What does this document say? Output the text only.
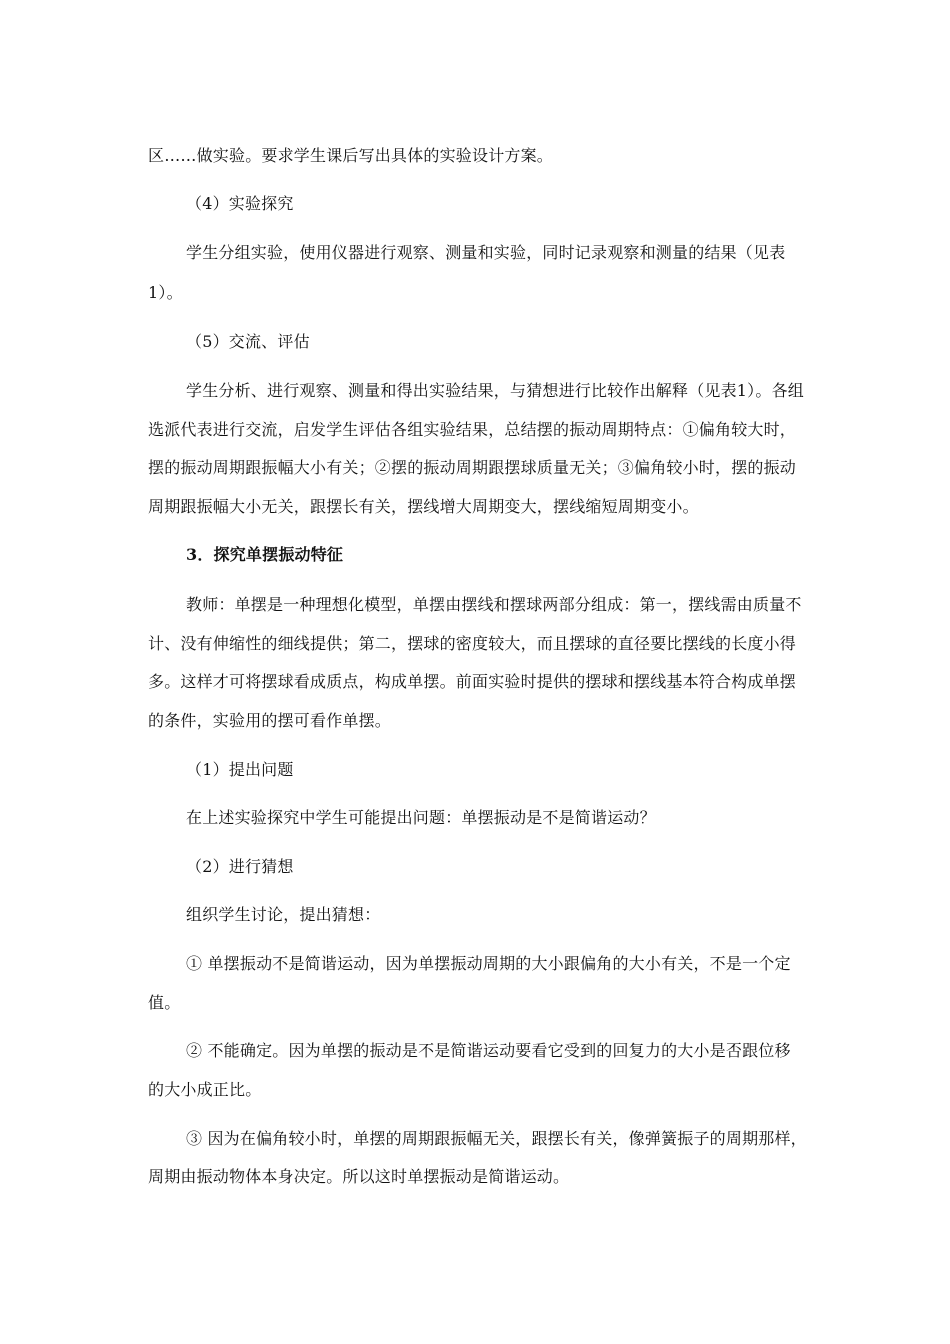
区……做实验。要求学生课后写出具体的实验设计方案。
（4）实验探究
学生分组实验，使用仪器进行观察、测量和实验，同时记录观察和测量的结果（见表
1）。
（5）交流、评估
学生分析、进行观察、测量和得出实验结果，与猜想进行比较作出解释（见表1）。各组
选派代表进行交流，启发学生评估各组实验结果，总结摆的振动周期特点：①偏角较大时，
摆的振动周期跟振幅大小有关；②摆的振动周期跟摆球质量无关；③偏角较小时，摆的振动
周期跟振幅大小无关，跟摆长有关，摆线增大周期变大，摆线缩短周期变小。
3．探究单摆振动特征
教师：单摆是一种理想化模型，单摆由摆线和摆球两部分组成：第一，摆线需由质量不
计、没有伸缩性的细线提供；第二，摆球的密度较大，而且摆球的直径要比摆线的长度小得
多。这样才可将摆球看成质点，构成单摆。前面实验时提供的摆球和摆线基本符合构成单摆
的条件，实验用的摆可看作单摆。
（1）提出问题
在上述实验探究中学生可能提出问题：单摆振动是不是简谐运动？
（2）进行猜想
组织学生讨论，提出猜想：
① 单摆振动不是简谐运动，因为单摆振动周期的大小跟偏角的大小有关，不是一个定
值。
② 不能确定。因为单摆的振动是不是简谐运动要看它受到的回复力的大小是否跟位移
的大小成正比。
③ 因为在偏角较小时，单摆的周期跟振幅无关，跟摆长有关，像弹簧振子的周期那样，
周期由振动物体本身决定。所以这时单摆振动是简谐运动。
